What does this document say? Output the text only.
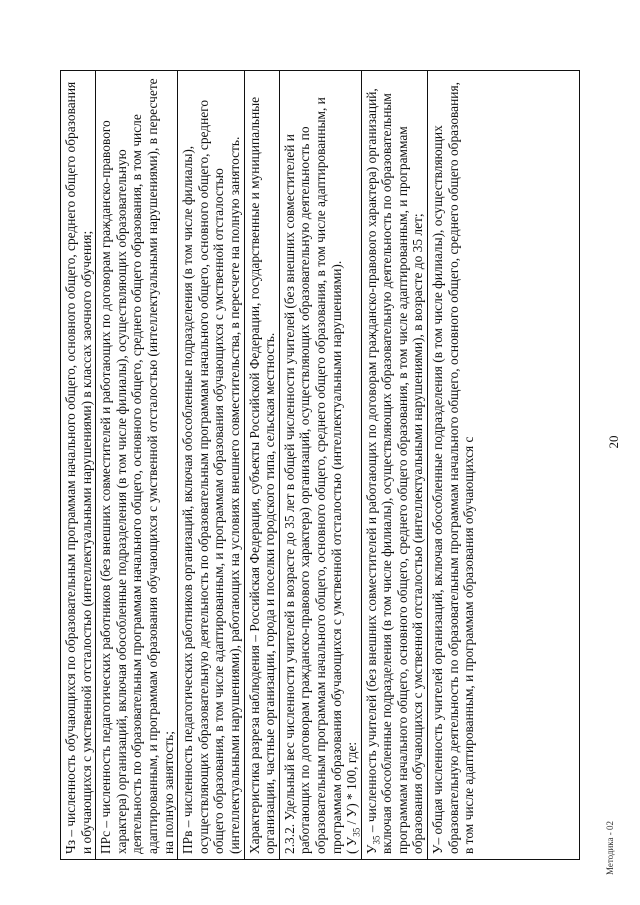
20

Чз – численность обучающихся по образовательным программам начального общего, основного общего, среднего общего образования и обучающихся с умственной отсталостью (интеллектуальными нарушениями) в классах заочного обучения; ПРс – численность педагогических работников (без внешних совместителей и работающих по договорам гражданско-правового характера) организаций, включая обособленные подразделения (в том числе филиалы), осуществляющих образовательную деятельность по образовательным программам начального общего, основного общего, среднего общего образования, в том числе адаптированным, и программам образования обучающихся с умственной отсталостью (интеллектуальными нарушениями), в пересчете на полную занятость; ПРв – численность педагогических работников организаций, включая обособленные подразделения (в том числе филиалы), осуществляющих образовательную деятельность по образовательным программам начального общего, основного общего, среднего общего образования, в том числе адаптированным, и программам образования обучающихся с умственной отсталостью (интеллектуальными нарушениями), работающих на условиях внешнего совместительства, в пересчете на полную занятость. Характеристика разреза наблюдения – Российская Федерация, субъекты Российской Федерации, государственные и муниципальные организации, частные организации, города и поселки городского типа, сельская местность. 2.3.2. Удельный вес численности учителей в возрасте до 35 лет в общей численности учителей (без внешних совместителей и работающих по договорам гражданско-правового характера) организаций, осуществляющих образовательную деятельность по образовательным программам начального общего, основного общего, среднего общего образования, в том числе адаптированным, и программам образования обучающихся с умственной отсталостью (интеллектуальными нарушениями). ( $У_{35} / У) * 100$, где:

$У_{35}$ – численность учителей (без внешних совместителей и работающих по договорам гражданско-правового характера) организаций, включая обособленные подразделения (в том числе филиалы), осуществляющих образовательную деятельность по образовательным программам начального общего, основного общего, среднего общего образования, в том числе адаптированным, и программам образования обучающихся с умственной отсталостью (интеллектуальными нарушениями), в возрасте до 35 лет; У– общая численность учителей организаций, включая обособленные подразделения (в том числе филиалы), осуществляющих образовательную деятельность по образовательным программам начального общего, основного общего, среднего общего образования, в том числе адаптированным, и программам образования обучающихся с	Методика - 02
